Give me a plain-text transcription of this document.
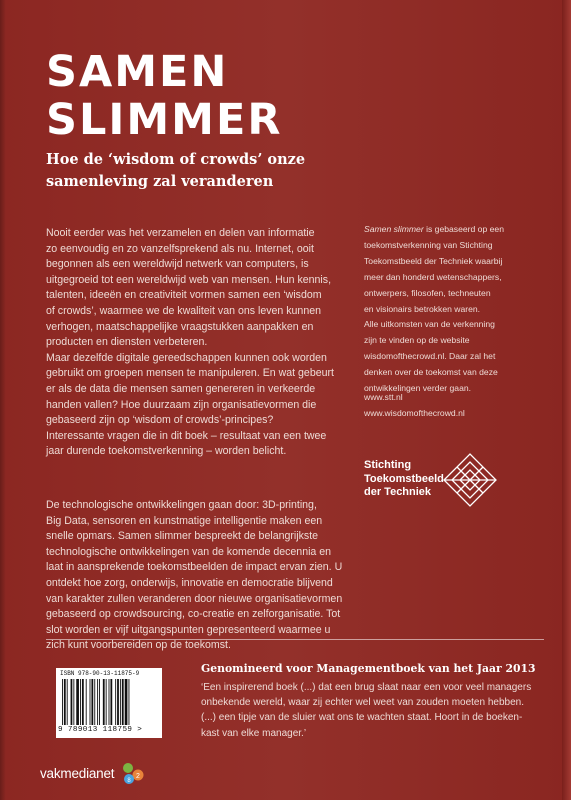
SAMEN
SLIMMER
Hoe de ‘wisdom of crowds’ onze
samenleving zal veranderen
Nooit eerder was het verzamelen en delen van informatie
zo eenvoudig en zo vanzelfsprekend als nu. Internet, ooit
begonnen als een wereldwijd netwerk van computers, is
uitgegroeid tot een wereldwijd web van mensen. Hun kennis,
talenten, ideeën en creativiteit vormen samen een ‘wisdom
of crowds’, waarmee we de kwaliteit van ons leven kunnen
verhogen, maatschappelijke vraagstukken aanpakken en
producten en diensten verbeteren.
Maar dezelfde digitale gereedschappen kunnen ook worden
gebruikt om groepen mensen te manipuleren. En wat gebeurt
er als de data die mensen samen genereren in verkeerde
handen vallen? Hoe duurzaam zijn organisatievormen die
gebaseerd zijn op ‘wisdom of crowds’-principes?
Interessante vragen die in dit boek – resultaat van een twee
jaar durende toekomstverkenning – worden belicht.
De technologische ontwikkelingen gaan door: 3D-printing,
Big Data, sensoren en kunstmatige intelligentie maken een
snelle opmars. Samen slimmer bespreekt de belangrijkste
technologische ontwikkelingen van de komende decennia en
laat in aansprekende toekomstbeelden de impact ervan zien. U
ontdekt hoe zorg, onderwijs, innovatie en democratie blijvend
van karakter zullen veranderen door nieuwe organisatievormen
gebaseerd op crowdsourcing, co-creatie en zelforganisatie. Tot
slot worden er vijf uitgangspunten gepresenteerd waarmee u
zich kunt voorbereiden op de toekomst.
Samen slimmer is gebaseerd op een
toekomstverkenning van Stichting
Toekomstbeeld der Techniek waarbij
meer dan honderd wetenschappers,
ontwerpers, filosofen, techneuten
en visionairs betrokken waren.
Alle uitkomsten van de verkenning
zijn te vinden op de website
wisdomofthecrowd.nl. Daar zal het
denken over de toekomst van deze
ontwikkelingen verder gaan.
www.stt.nl
www.wisdomofthecrowd.nl
Stichting
Toekomstbeeld
der Techniek
ISBN 978-90-13-11875-9
9 789013 118759 >
Genomineerd voor Managementboek van het Jaar 2013
‘Een inspirerend boek (...) dat een brug slaat naar een voor veel managers
onbekende wereld, waar zij echter wel weet van zouden moeten hebben.
(...) een tipje van de sluier wat ons te wachten staat. Hoort in de boeken-
kast van elke manager.’
vakmedianet	2
8
